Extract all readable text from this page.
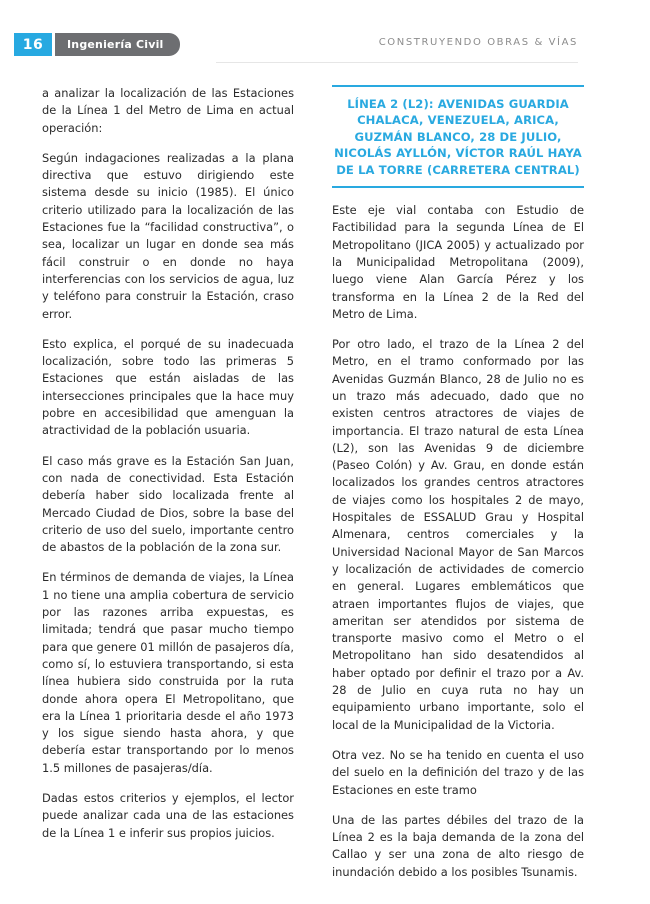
16	Ingeniería Civil	CONSTRUYENDO OBRAS & VÍAS

a analizar la localización de las Estaciones de la Línea 1 del Metro de Lima en actual operación:

Según indagaciones realizadas a la plana directiva que estuvo dirigiendo este sistema desde su inicio (1985). El único criterio utilizado para la localización de las Estaciones fue la “facilidad constructiva”, o sea, localizar un lugar en donde sea más fácil construir o en donde no haya interferencias con los servicios de agua, luz y teléfono para construir la Estación, craso error.

Esto explica, el porqué de su inadecuada localización, sobre todo las primeras 5 Estaciones que están aisladas de las intersecciones principales que la hace muy pobre en accesibilidad que amenguan la atractividad de la población usuaria.

El caso más grave es la Estación San Juan, con nada de conectividad. Esta Estación debería haber sido localizada frente al Mercado Ciudad de Dios, sobre la base del criterio de uso del suelo, importante centro de abastos de la población de la zona sur.

En términos de demanda de viajes, la Línea 1 no tiene una amplia cobertura de servicio por las razones arriba expuestas, es limitada; tendrá que pasar mucho tiempo para que genere 01 millón de pasajeros día, como sí, lo estuviera transportando, si esta línea hubiera sido construida por la ruta donde ahora opera El Metropolitano, que era la Línea 1 prioritaria desde el año 1973 y los sigue siendo hasta ahora, y que debería estar transportando por lo menos 1.5 millones de pasajeras/día.

Dadas estos criterios y ejemplos, el lector puede analizar cada una de las estaciones de la Línea 1 e inferir sus propios juicios.

LÍNEA 2 (L2): AVENIDAS GUARDIA CHALACA, VENEZUELA, ARICA, GUZMÁN BLANCO, 28 DE JULIO, NICOLÁS AYLLÓN, VÍCTOR RAÚL HAYA DE LA TORRE (CARRETERA CENTRAL)

Este eje vial contaba con Estudio de Factibilidad para la segunda Línea de El Metropolitano (JICA 2005) y actualizado por la Municipalidad Metropolitana (2009), luego viene Alan García Pérez y los transforma en la Línea 2 de la Red del Metro de Lima.

Por otro lado, el trazo de la Línea 2 del Metro, en el tramo conformado por las Avenidas Guzmán Blanco, 28 de Julio no es un trazo más adecuado, dado que no existen centros atractores de viajes de importancia. El trazo natural de esta Línea (L2), son las Avenidas 9 de diciembre (Paseo Colón) y Av. Grau, en donde están localizados los grandes centros atractores de viajes como los hospitales 2 de mayo, Hospitales de ESSALUD Grau y Hospital Almenara, centros comerciales y la Universidad Nacional Mayor de San Marcos y localización de actividades de comercio en general. Lugares emblemáticos que atraen importantes flujos de viajes, que ameritan ser atendidos por sistema de transporte masivo como el Metro o el Metropolitano han sido desatendidos al haber optado por definir el trazo por a Av. 28 de Julio en cuya ruta no hay un equipamiento urbano importante, solo el local de la Municipalidad de la Victoria.

Otra vez. No se ha tenido en cuenta el uso del suelo en la definición del trazo y de las Estaciones en este tramo

Una de las partes débiles del trazo de la Línea 2 es la baja demanda de la zona del Callao y ser una zona de alto riesgo de inundación debido a los posibles Tsunamis.
